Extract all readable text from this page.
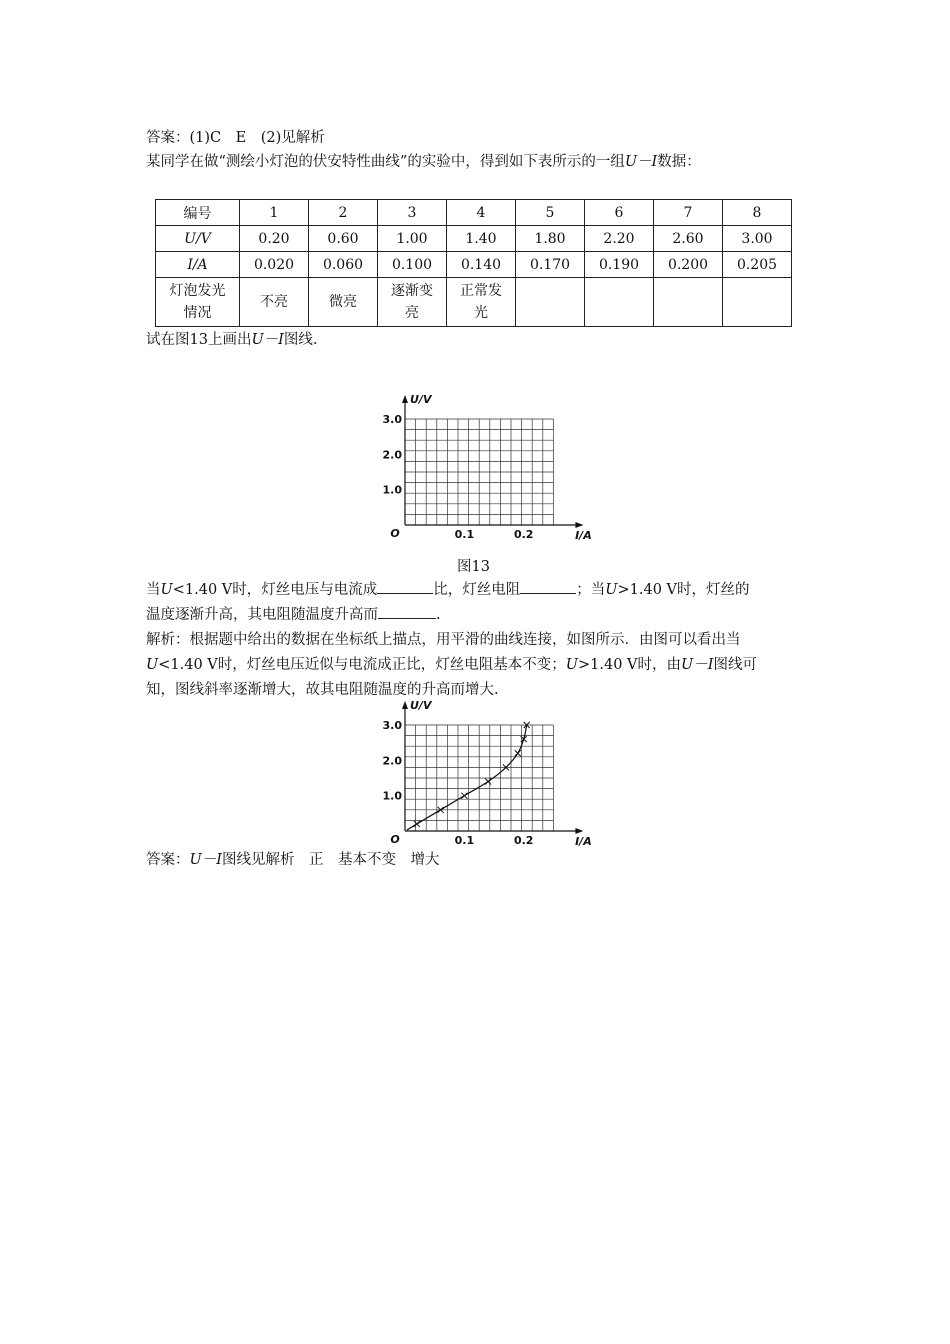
答案：(1)C　E　(2)见解析
某同学在做“测绘小灯泡的伏安特性曲线”的实验中，得到如下表所示的一组U－I数据：
编号	1	2	3	4	5	6	7	8
U/V	0.20	0.60	1.00	1.40	1.80	2.20	2.60	3.00
I/A	0.020	0.060	0.100	0.140	0.170	0.190	0.200	0.205

灯泡发光情况	不亮	微亮	逐渐变亮	正常发光				

试在图13上画出U－I图线.
1.0
2.0
3.0
0.1	0.2
O
U/V
I/A
图13
当U<1.40 V时，灯丝电压与电流成	比，灯丝电阻	；当U>1.40 V时，灯丝的
温度逐渐升高，其电阻随温度升高而	.
解析：根据题中给出的数据在坐标纸上描点，用平滑的曲线连接，如图所示．由图可以看出当
U<1.40 V时，灯丝电压近似与电流成正比，灯丝电阻基本不变；U>1.40 V时，由U－I图线可
知，图线斜率逐渐增大，故其电阻随温度的升高而增大.
1.0
2.0
3.0
0.1	0.2
O
U/V
I/A
答案：U－I图线见解析　正　基本不变　增大
